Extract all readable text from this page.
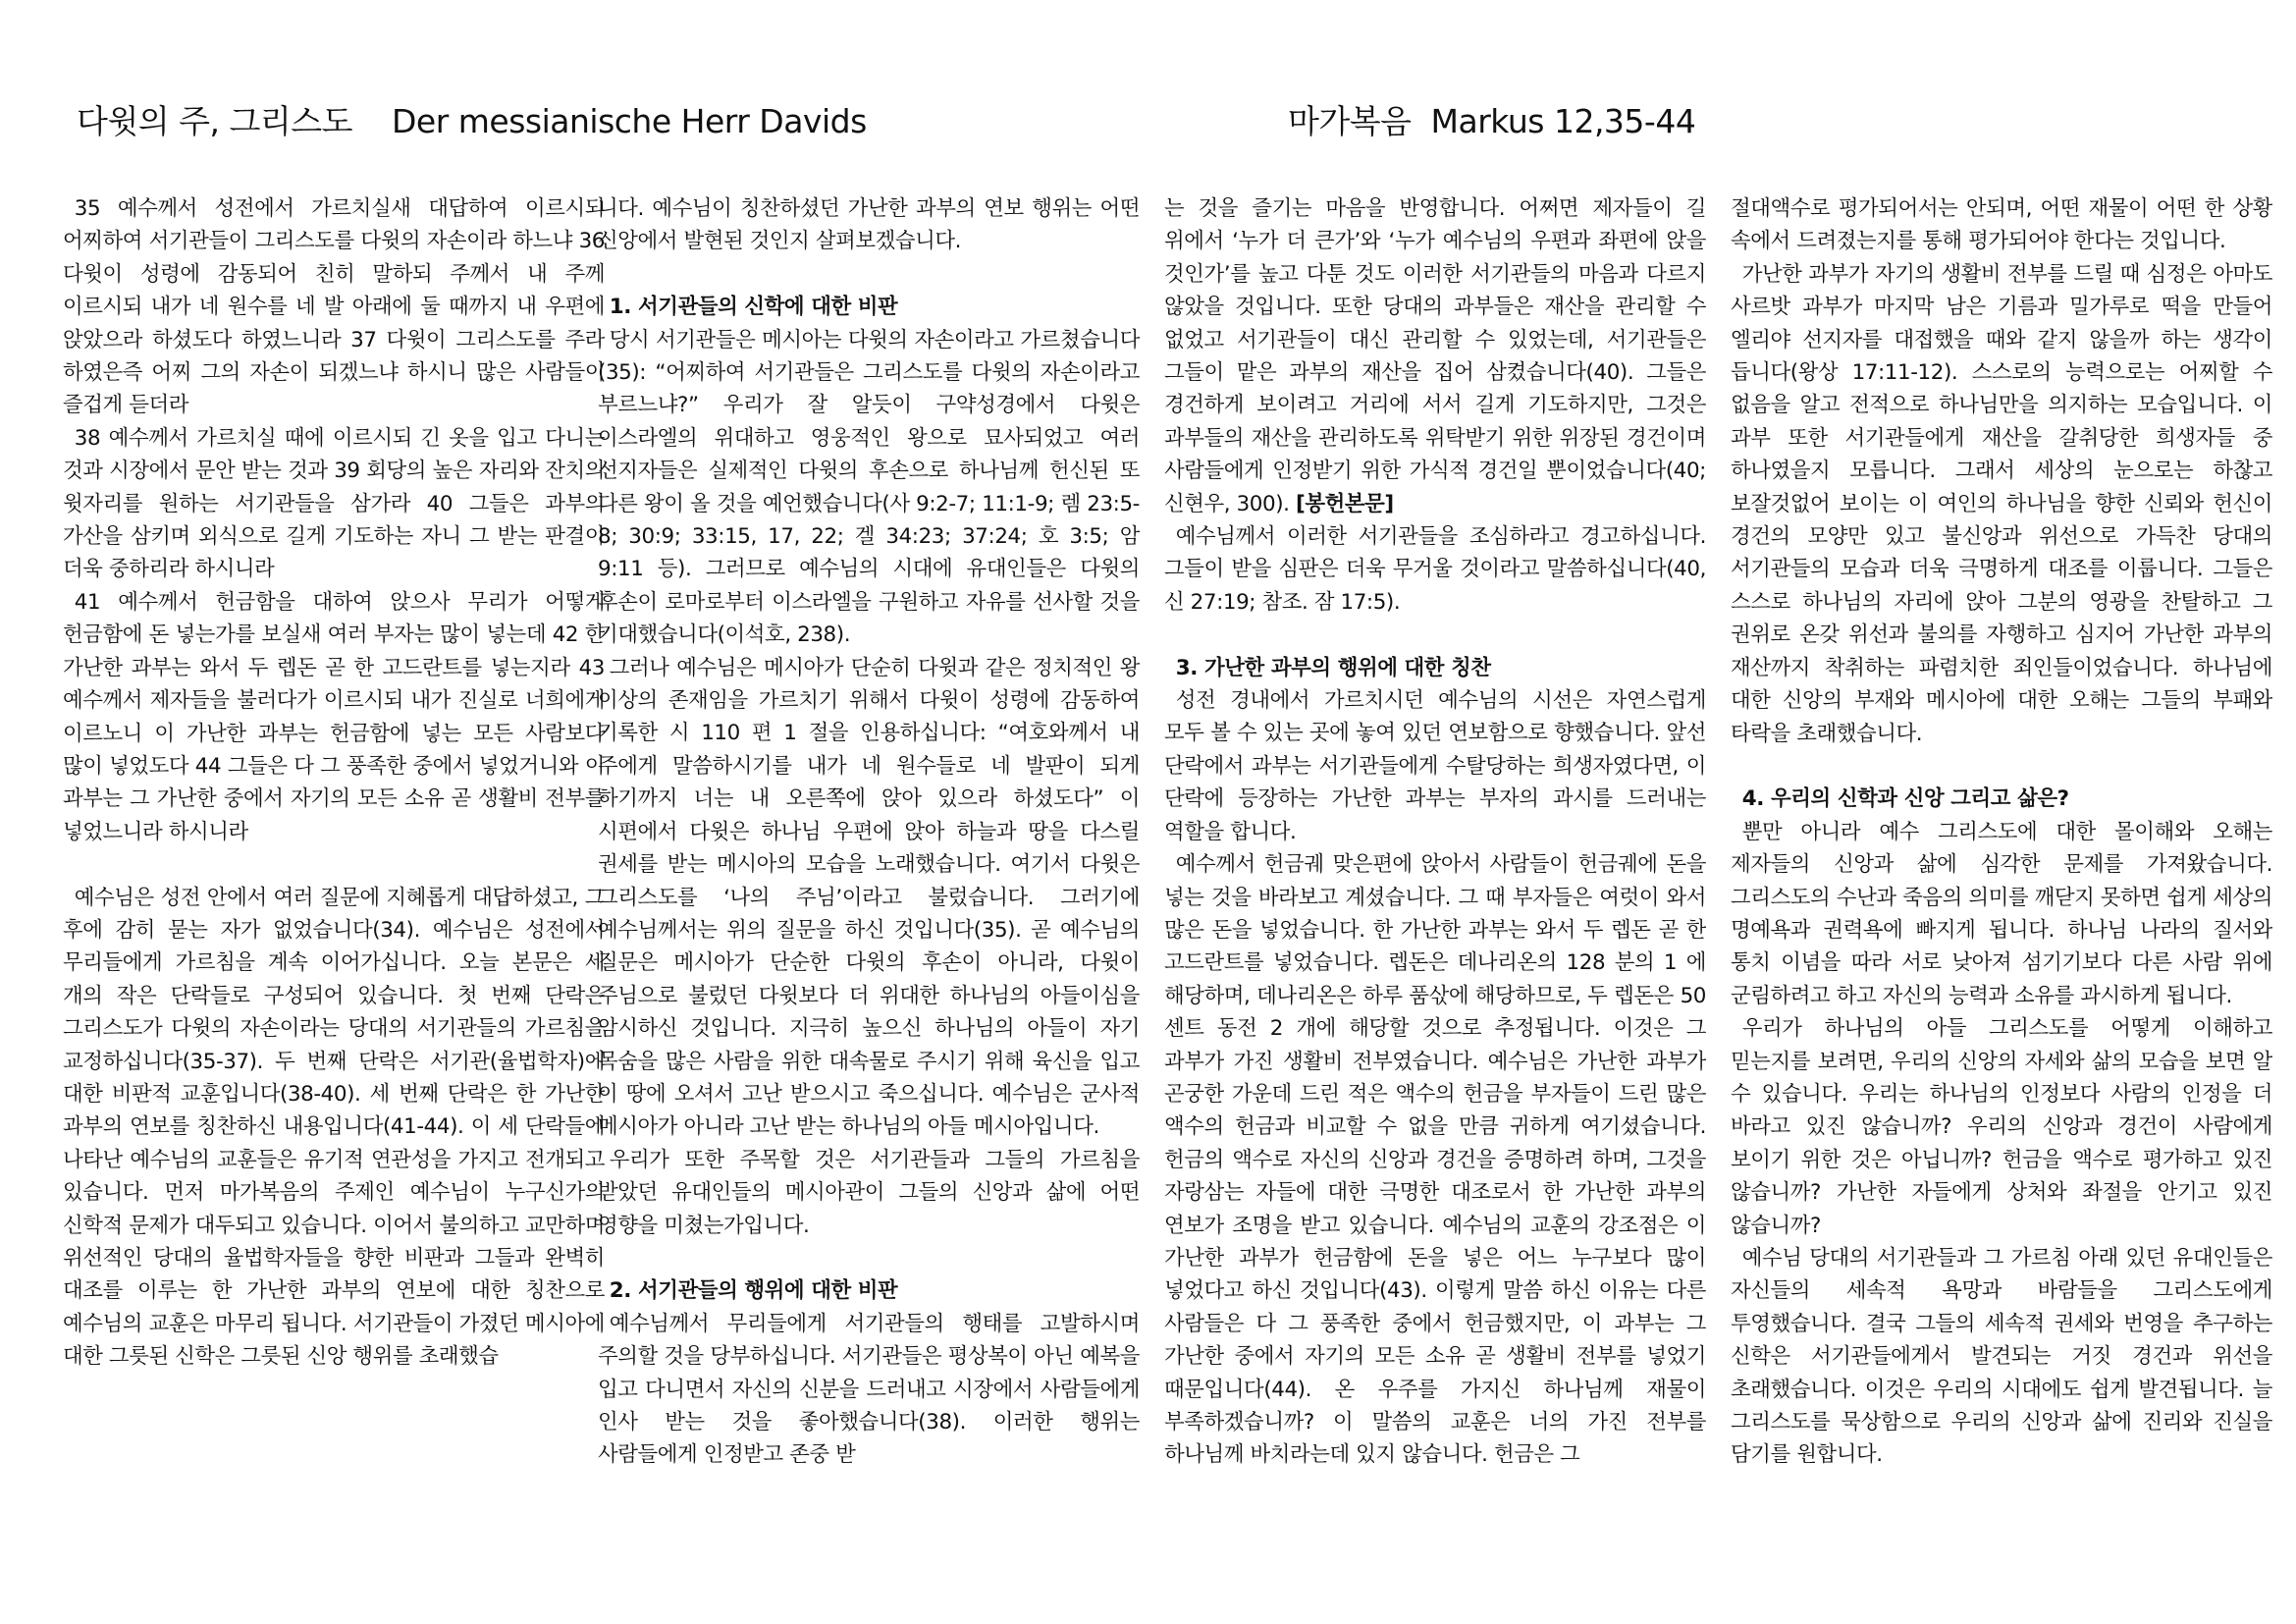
다윗의 주, 그리스도 Der messianische Herr Davids	마가복음 Markus 12,35-44

35 예수께서 성전에서 가르치실새 대답하여 이르시되 어찌하여 서기관들이 그리스도를 다윗의 자손이라 하느냐 36 다윗이 성령에 감동되어 친히 말하되 주께서 내 주께 이르시되 내가 네 원수를 네 발 아래에 둘 때까지 내 우편에 앉았으라 하셨도다 하였느니라 37 다윗이 그리스도를 주라 하였은즉 어찌 그의 자손이 되겠느냐 하시니 많은 사람들이 즐겁게 듣더라

38 예수께서 가르치실 때에 이르시되 긴 옷을 입고 다니는 것과 시장에서 문안 받는 것과 39 회당의 높은 자리와 잔치의 윗자리를 원하는 서기관들을 삼가라 40 그들은 과부의 가산을 삼키며 외식으로 길게 기도하는 자니 그 받는 판결이 더욱 중하리라 하시니라

41 예수께서 헌금함을 대하여 앉으사 무리가 어떻게 헌금함에 돈 넣는가를 보실새 여러 부자는 많이 넣는데 42 한 가난한 과부는 와서 두 렙돈 곧 한 고드란트를 넣는지라 43 예수께서 제자들을 불러다가 이르시되 내가 진실로 너희에게 이르노니 이 가난한 과부는 헌금함에 넣는 모든 사람보다 많이 넣었도다 44 그들은 다 그 풍족한 중에서 넣었거니와 이 과부는 그 가난한 중에서 자기의 모든 소유 곧 생활비 전부를 넣었느니라 하시니라

예수님은 성전 안에서 여러 질문에 지혜롭게 대답하셨고, 그 후에 감히 묻는 자가 없었습니다(34). 예수님은 성전에서 무리들에게 가르침을 계속 이어가십니다. 오늘 본문은 세 개의 작은 단락들로 구성되어 있습니다. 첫 번째 단락은 그리스도가 다윗의 자손이라는 당대의 서기관들의 가르침을 교정하십니다(35-37). 두 번째 단락은 서기관(율법학자)에 대한 비판적 교훈입니다(38-40). 세 번째 단락은 한 가난한 과부의 연보를 칭찬하신 내용입니다(41-44). 이 세 단락들에 나타난 예수님의 교훈들은 유기적 연관성을 가지고 전개되고 있습니다. 먼저 마가복음의 주제인 예수님이 누구신가의 신학적 문제가 대두되고 있습니다. 이어서 불의하고 교만하며 위선적인 당대의 율법학자들을 향한 비판과 그들과 완벽히 대조를 이루는 한 가난한 과부의 연보에 대한 칭찬으로 예수님의 교훈은 마무리 됩니다. 서기관들이 가졌던 메시아에 대한 그릇된 신학은 그릇된 신앙 행위를 초래했습

니다. 예수님이 칭찬하셨던 가난한 과부의 연보 행위는 어떤 신앙에서 발현된 것인지 살펴보겠습니다.

1. 서기관들의 신학에 대한 비판

당시 서기관들은 메시아는 다윗의 자손이라고 가르쳤습니다(35): “어찌하여 서기관들은 그리스도를 다윗의 자손이라고 부르느냐?” 우리가 잘 알듯이 구약성경에서 다윗은 이스라엘의 위대하고 영웅적인 왕으로 묘사되었고 여러 선지자들은 실제적인 다윗의 후손으로 하나님께 헌신된 또 다른 왕이 올 것을 예언했습니다(사 9:2-7; 11:1-9; 렘 23:5-8; 30:9; 33:15, 17, 22; 겔 34:23; 37:24; 호 3:5; 암 9:11 등). 그러므로 예수님의 시대에 유대인들은 다윗의 후손이 로마로부터 이스라엘을 구원하고 자유를 선사할 것을 기대했습니다(이석호, 238).

그러나 예수님은 메시아가 단순히 다윗과 같은 정치적인 왕 이상의 존재임을 가르치기 위해서 다윗이 성령에 감동하여 기록한 시 110 편 1 절을 인용하십니다: “여호와께서 내 주에게 말씀하시기를 내가 네 원수들로 네 발판이 되게 하기까지 너는 내 오른쪽에 앉아 있으라 하셨도다” 이 시편에서 다윗은 하나님 우편에 앉아 하늘과 땅을 다스릴 권세를 받는 메시아의 모습을 노래했습니다. 여기서 다윗은 그리스도를 ‘나의 주님’이라고 불렀습니다. 그러기에 예수님께서는 위의 질문을 하신 것입니다(35). 곧 예수님의 질문은 메시아가 단순한 다윗의 후손이 아니라, 다윗이 주님으로 불렀던 다윗보다 더 위대한 하나님의 아들이심을 암시하신 것입니다. 지극히 높으신 하나님의 아들이 자기 목숨을 많은 사람을 위한 대속물로 주시기 위해 육신을 입고 이 땅에 오셔서 고난 받으시고 죽으십니다. 예수님은 군사적 메시아가 아니라 고난 받는 하나님의 아들 메시아입니다.

우리가 또한 주목할 것은 서기관들과 그들의 가르침을 받았던 유대인들의 메시아관이 그들의 신앙과 삶에 어떤 영향을 미쳤는가입니다.

2. 서기관들의 행위에 대한 비판

예수님께서 무리들에게 서기관들의 행태를 고발하시며 주의할 것을 당부하십니다. 서기관들은 평상복이 아닌 예복을 입고 다니면서 자신의 신분을 드러내고 시장에서 사람들에게 인사 받는 것을 좋아했습니다(38). 이러한 행위는 사람들에게 인정받고 존중 받

는 것을 즐기는 마음을 반영합니다. 어쩌면 제자들이 길 위에서 ‘누가 더 큰가’와 ‘누가 예수님의 우편과 좌편에 앉을 것인가’를 높고 다툰 것도 이러한 서기관들의 마음과 다르지 않았을 것입니다. 또한 당대의 과부들은 재산을 관리할 수 없었고 서기관들이 대신 관리할 수 있었는데, 서기관들은 그들이 맡은 과부의 재산을 집어 삼켰습니다(40). 그들은 경건하게 보이려고 거리에 서서 길게 기도하지만, 그것은 과부들의 재산을 관리하도록 위탁받기 위한 위장된 경건이며 사람들에게 인정받기 위한 가식적 경건일 뿐이었습니다(40; 신현우, 300). [봉헌본문]

예수님께서 이러한 서기관들을 조심하라고 경고하십니다. 그들이 받을 심판은 더욱 무거울 것이라고 말씀하십니다(40, 신 27:19; 참조. 잠 17:5).

3. 가난한 과부의 행위에 대한 칭찬

성전 경내에서 가르치시던 예수님의 시선은 자연스럽게 모두 볼 수 있는 곳에 놓여 있던 연보함으로 향했습니다. 앞선 단락에서 과부는 서기관들에게 수탈당하는 희생자였다면, 이 단락에 등장하는 가난한 과부는 부자의 과시를 드러내는 역할을 합니다.

예수께서 헌금궤 맞은편에 앉아서 사람들이 헌금궤에 돈을 넣는 것을 바라보고 계셨습니다. 그 때 부자들은 여럿이 와서 많은 돈을 넣었습니다. 한 가난한 과부는 와서 두 렙돈 곧 한 고드란트를 넣었습니다. 렙돈은 데나리온의 128 분의 1 에 해당하며, 데나리온은 하루 품삯에 해당하므로, 두 렙돈은 50 센트 동전 2 개에 해당할 것으로 추정됩니다. 이것은 그 과부가 가진 생활비 전부였습니다. 예수님은 가난한 과부가 곤궁한 가운데 드린 적은 액수의 헌금을 부자들이 드린 많은 액수의 헌금과 비교할 수 없을 만큼 귀하게 여기셨습니다. 헌금의 액수로 자신의 신앙과 경건을 증명하려 하며, 그것을 자랑삼는 자들에 대한 극명한 대조로서 한 가난한 과부의 연보가 조명을 받고 있습니다. 예수님의 교훈의 강조점은 이 가난한 과부가 헌금함에 돈을 넣은 어느 누구보다 많이 넣었다고 하신 것입니다(43). 이렇게 말씀 하신 이유는 다른 사람들은 다 그 풍족한 중에서 헌금했지만, 이 과부는 그 가난한 중에서 자기의 모든 소유 곧 생활비 전부를 넣었기 때문입니다(44). 온 우주를 가지신 하나님께 재물이 부족하겠습니까? 이 말씀의 교훈은 너의 가진 전부를 하나님께 바치라는데 있지 않습니다. 헌금은 그

절대액수로 평가되어서는 안되며, 어떤 재물이 어떤 한 상황 속에서 드려졌는지를 통해 평가되어야 한다는 것입니다.

가난한 과부가 자기의 생활비 전부를 드릴 때 심정은 아마도 사르밧 과부가 마지막 남은 기름과 밀가루로 떡을 만들어 엘리야 선지자를 대접했을 때와 같지 않을까 하는 생각이 듭니다(왕상 17:11-12). 스스로의 능력으로는 어찌할 수 없음을 알고 전적으로 하나님만을 의지하는 모습입니다. 이 과부 또한 서기관들에게 재산을 갈취당한 희생자들 중 하나였을지 모릅니다. 그래서 세상의 눈으로는 하찮고 보잘것없어 보이는 이 여인의 하나님을 향한 신뢰와 헌신이 경건의 모양만 있고 불신앙과 위선으로 가득찬 당대의 서기관들의 모습과 더욱 극명하게 대조를 이룹니다. 그들은 스스로 하나님의 자리에 앉아 그분의 영광을 찬탈하고 그 권위로 온갖 위선과 불의를 자행하고 심지어 가난한 과부의 재산까지 착취하는 파렴치한 죄인들이었습니다. 하나님에 대한 신앙의 부재와 메시아에 대한 오해는 그들의 부패와 타락을 초래했습니다.

4. 우리의 신학과 신앙 그리고 삶은?

뿐만 아니라 예수 그리스도에 대한 몰이해와 오해는 제자들의 신앙과 삶에 심각한 문제를 가져왔습니다. 그리스도의 수난과 죽음의 의미를 깨닫지 못하면 쉽게 세상의 명예욕과 권력욕에 빠지게 됩니다. 하나님 나라의 질서와 통치 이념을 따라 서로 낮아져 섬기기보다 다른 사람 위에 군림하려고 하고 자신의 능력과 소유를 과시하게 됩니다.

우리가 하나님의 아들 그리스도를 어떻게 이해하고 믿는지를 보려면, 우리의 신앙의 자세와 삶의 모습을 보면 알 수 있습니다. 우리는 하나님의 인정보다 사람의 인정을 더 바라고 있진 않습니까? 우리의 신앙과 경건이 사람에게 보이기 위한 것은 아닙니까? 헌금을 액수로 평가하고 있진 않습니까? 가난한 자들에게 상처와 좌절을 안기고 있진 않습니까?

예수님 당대의 서기관들과 그 가르침 아래 있던 유대인들은 자신들의 세속적 욕망과 바람들을 그리스도에게 투영했습니다. 결국 그들의 세속적 권세와 번영을 추구하는 신학은 서기관들에게서 발견되는 거짓 경건과 위선을 초래했습니다. 이것은 우리의 시대에도 쉽게 발견됩니다. 늘 그리스도를 묵상함으로 우리의 신앙과 삶에 진리와 진실을 담기를 원합니다.
